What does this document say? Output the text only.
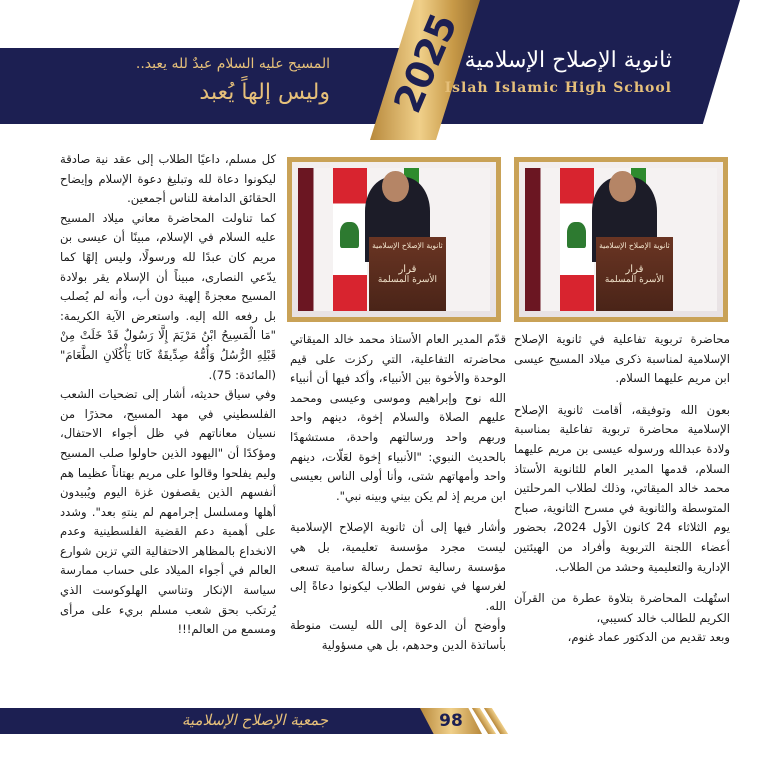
2025
المسيح عليه السلام عبدٌ لله يعبد..
وليس إلهاً يُعبد
ثانوية الإصلاح الإسلامية
Islah Islamic High School
ثانوية الإصلاح الإسلامية
قرار
الأسرة المسلمة
ثانوية الإصلاح الإسلامية
قرار
الأسرة المسلمة

محاضرة تربوية تفاعلية في ثانوية الإصلاح الإسلامية لمناسبة ذكرى ميلاد المسيح عيسى ابن مريم عليهما السلام.

بعون الله وتوفيقه، أقامت ثانوية الإصلاح الإسلامية محاضرة تربوية تفاعلية بمناسبة ولادة عبدالله ورسوله عيسى بن مريم عليهما السلام، قدمها المدير العام للثانوية الأستاذ محمد خالد الميقاتي، وذلك لطلاب المرحلتين المتوسطة والثانوية في مسرح الثانوية، صباح يوم الثلاثاء 24 كانون الأول 2024، بحضور أعضاء اللجنة التربوية وأفراد من الهيئتين الإدارية والتعليمية وحشد من الطلاب.

استُهلت المحاضرة بتلاوة عطرة من القرآن الكريم للطالب خالد كسيبي،

وبعد تقديم من الدكتور عماد غنوم،

قدّم المدير العام الأستاذ محمد خالد الميقاتي محاضرته التفاعلية، التي ركزت على قيم الوحدة والأخوة بين الأنبياء، وأكد فيها أن أنبياء الله نوح وإبراهيم وموسى وعيسى ومحمد عليهم الصلاة والسلام إخوة، دينهم واحد وربهم واحد ورسالتهم واحدة، مستشهدًا بالحديث النبوي: "الأنبياء إخوة لعَلّات، دينهم واحد وأمهاتهم شتى، وأنا أولى الناس بعيسى ابن مريم إذ لم يكن بيني وبينه نبي".

وأشار فيها إلى أن ثانوية الإصلاح الإسلامية ليست مجرد مؤسسة تعليمية، بل هي مؤسسة رسالية تحمل رسالة سامية تسعى لغرسها في نفوس الطلاب ليكونوا دعاةً إلى الله.

وأوضح أن الدعوة إلى الله ليست منوطة بأساتذة الدين وحدهم، بل هي مسؤولية

كل مسلم، داعيًا الطلاب إلى عقد نية صادقة ليكونوا دعاة لله وتبليغ دعوة الإسلام وإيضاح الحقائق الدامغة للناس أجمعين.

كما تناولت المحاضرة معاني ميلاد المسيح عليه السلام في الإسلام، مبينًا أن عيسى بن مريم كان عبدًا لله ورسولًا، وليس إلهًا كما يدّعي النصارى، مبيناً أن الإسلام يقر بولادة المسيح معجزةً إلهية دون أب، وأنه لم يُصلب بل رفعه الله إليه. واستعرض الآية الكريمة: "مَا الْمَسِيحُ ابْنُ مَرْيَمَ إِلَّا رَسُولٌ قَدْ خَلَتْ مِنْ قَبْلِهِ الرُّسُلُ وَأُمُّهُ صِدِّيقَةٌ كَانَا يَأْكُلَانِ الطَّعَامَ" (المائدة: 75).

وفي سياق حديثه، أشار إلى تضحيات الشعب الفلسطيني في مهد المسيح، محذرًا من نسيان معاناتهم في ظل أجواء الاحتفال، ومؤكدًا أن "اليهود الذين حاولوا صلب المسيح وليم يفلحوا وقالوا على مريم بهتاناً عظيما هم أنفسهم الذين يقصفون غزة اليوم ويُبيدون أهلها ومسلسل إجرامهم لم ينتهِ بعد". وشدد على أهمية دعم القضية الفلسطينية وعدم الانخداع بالمظاهر الاحتفالية التي تزين شوارع العالم في أجواء الميلاد على حساب ممارسة سياسة الإنكار وتناسي الهلوكوست الذي يُرتكب بحق شعب مسلم بريء على مرأى ومسمع من العالم!!!

جمعية الإصلاح الإسلامية	98
